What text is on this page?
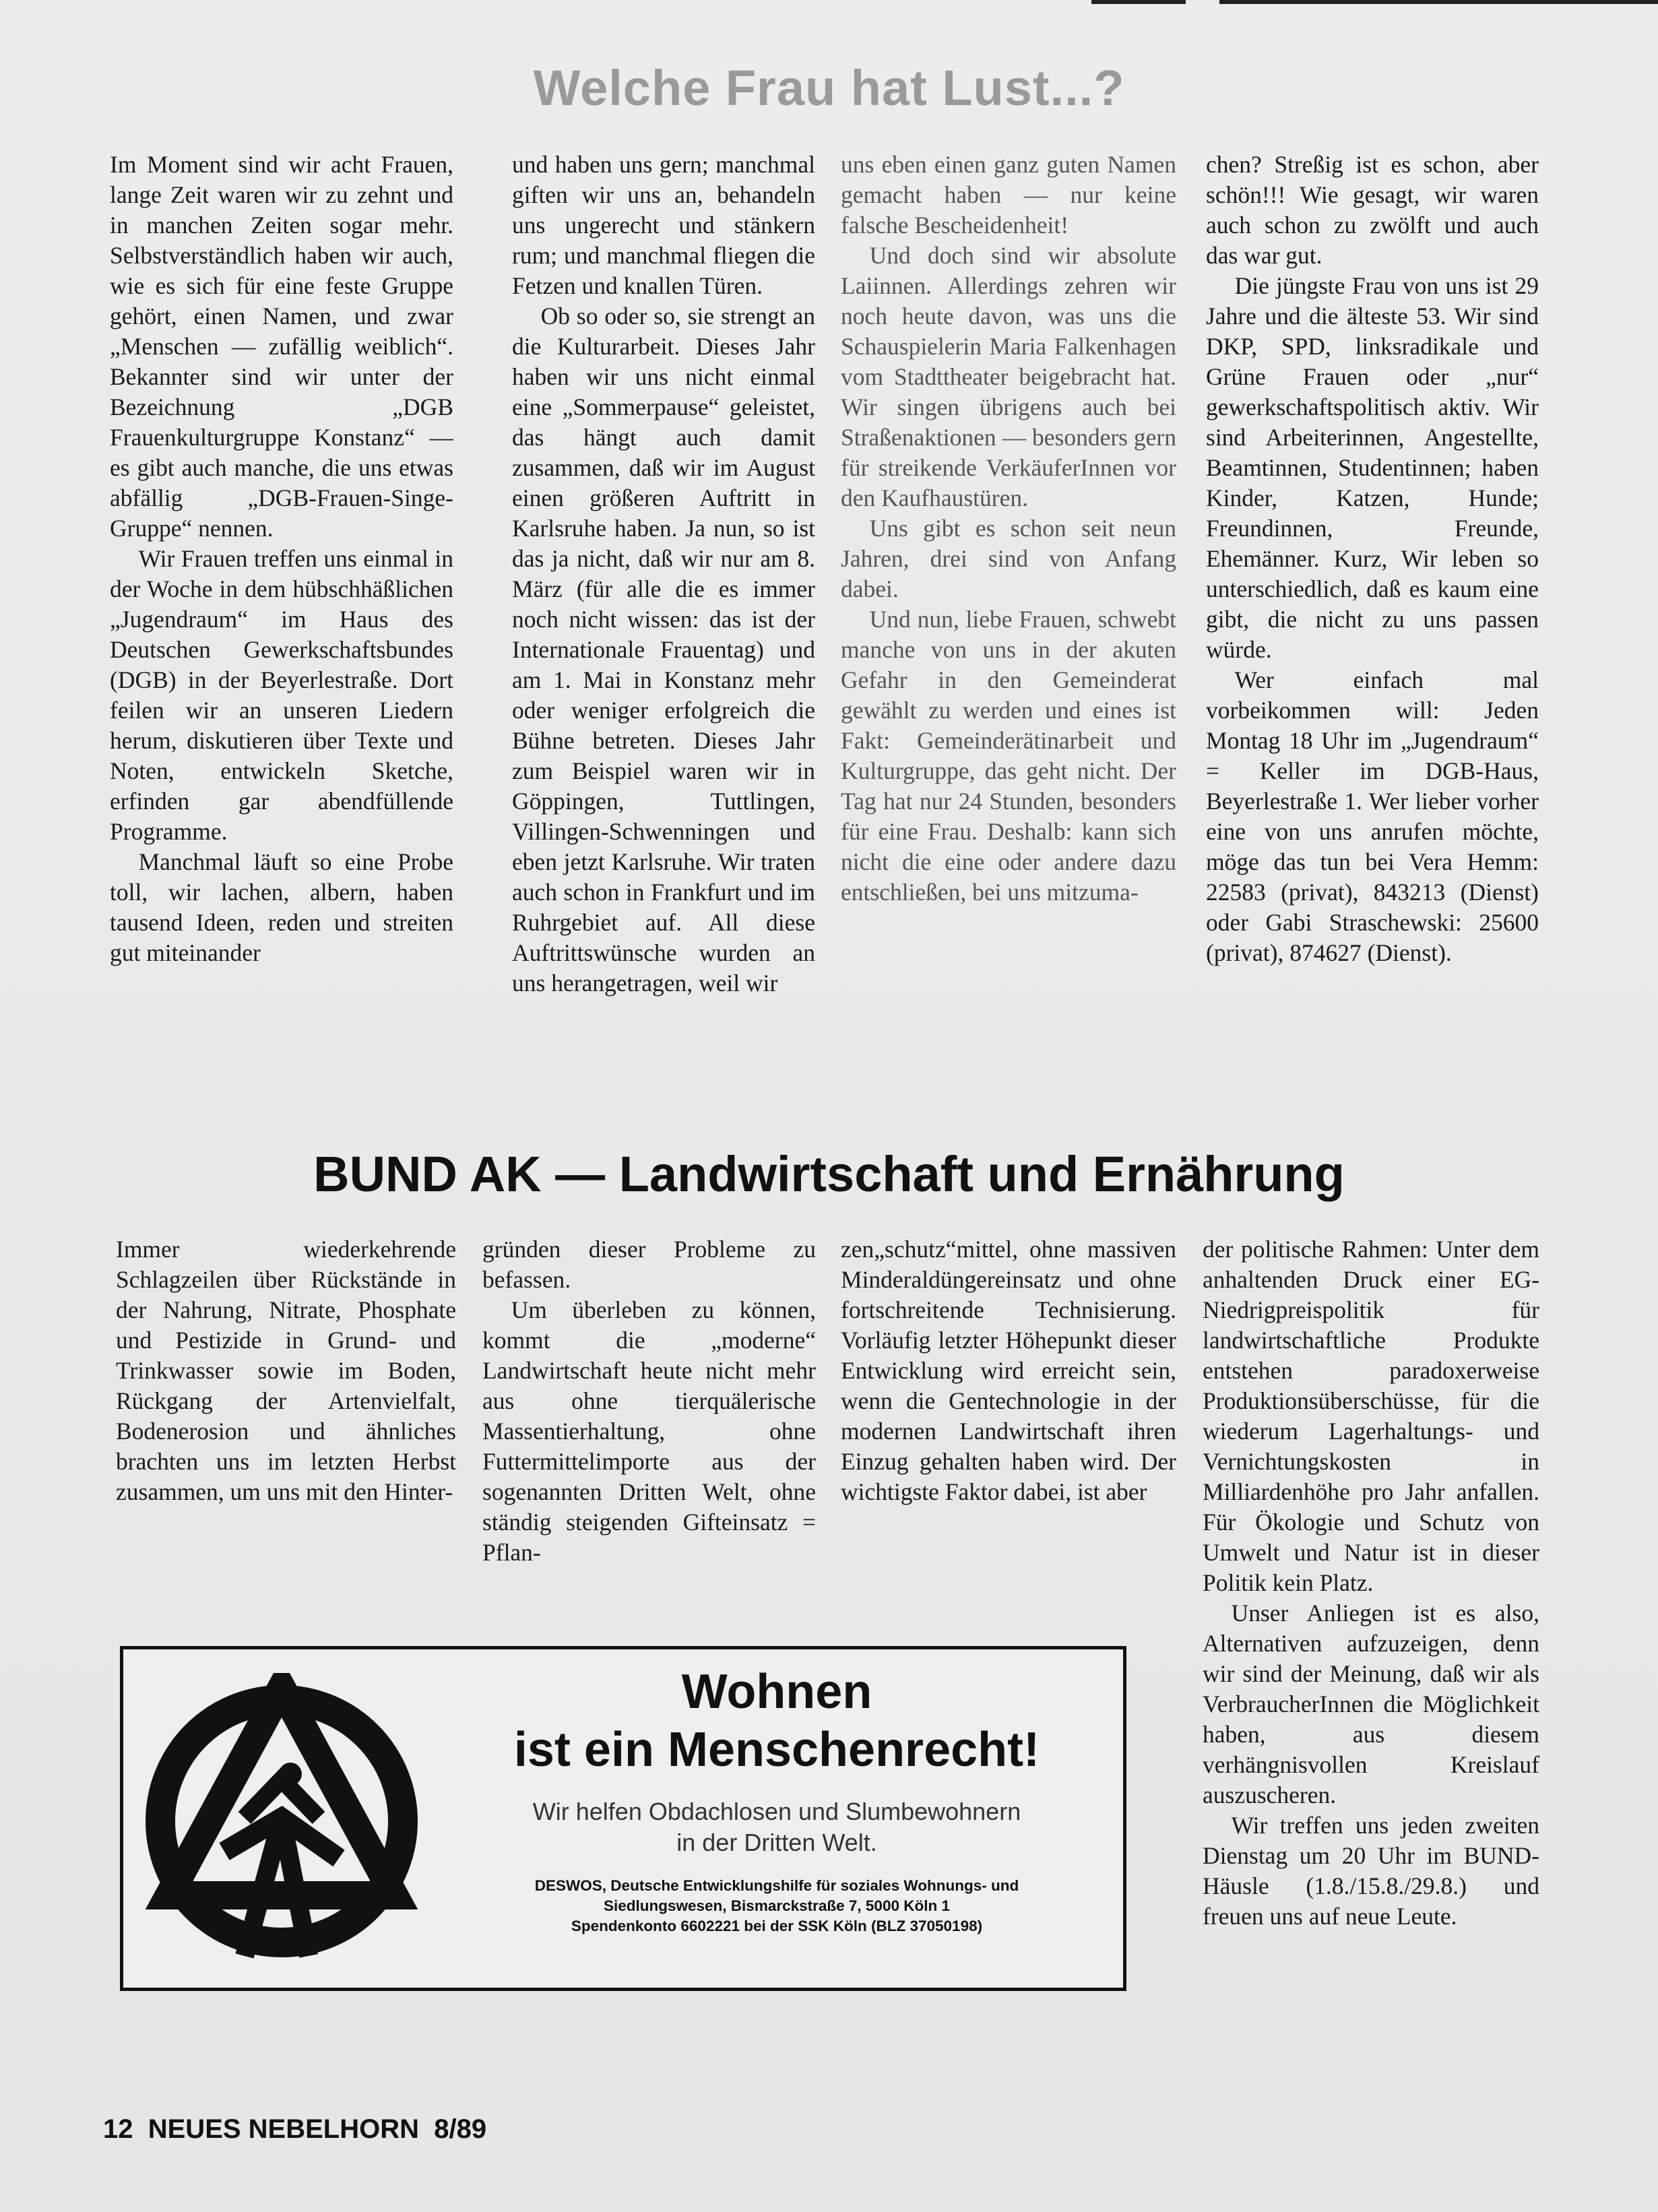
Welche Frau hat Lust...?

Im Moment sind wir acht Frauen, lange Zeit waren wir zu zehnt und in manchen Zeiten sogar mehr. Selbstverständlich haben wir auch, wie es sich für eine feste Gruppe gehört, einen Namen, und zwar „Menschen — zufällig weiblich“. Bekannter sind wir unter der Bezeichnung „DGB Frauenkulturgruppe Konstanz“ — es gibt auch manche, die uns etwas abfällig „DGB-Frauen-Singe-Gruppe“ nennen.

Wir Frauen treffen uns einmal in der Woche in dem hübschhäßlichen „Jugendraum“ im Haus des Deutschen Gewerkschaftsbundes (DGB) in der Beyerlestraße. Dort feilen wir an unseren Liedern herum, diskutieren über Texte und Noten, entwickeln Sketche, erfinden gar abendfüllende Programme.

Manchmal läuft so eine Probe toll, wir lachen, albern, haben tausend Ideen, reden und streiten gut miteinander

und haben uns gern; manchmal giften wir uns an, behandeln uns ungerecht und stänkern rum; und manchmal fliegen die Fetzen und knallen Türen.

Ob so oder so, sie strengt an die Kulturarbeit. Dieses Jahr haben wir uns nicht einmal eine „Sommerpause“ geleistet, das hängt auch damit zusammen, daß wir im August einen größeren Auftritt in Karlsruhe haben. Ja nun, so ist das ja nicht, daß wir nur am 8. März (für alle die es immer noch nicht wissen: das ist der Internationale Frauentag) und am 1. Mai in Konstanz mehr oder weniger erfolgreich die Bühne betreten. Dieses Jahr zum Beispiel waren wir in Göppingen, Tuttlingen, Villingen-Schwenningen und eben jetzt Karlsruhe. Wir traten auch schon in Frankfurt und im Ruhrgebiet auf. All diese Auftrittswünsche wurden an uns herangetragen, weil wir

uns eben einen ganz guten Namen gemacht haben — nur keine falsche Bescheidenheit!

Und doch sind wir absolute Laiinnen. Allerdings zehren wir noch heute davon, was uns die Schauspielerin Maria Falkenhagen vom Stadttheater beigebracht hat. Wir singen übrigens auch bei Straßenaktionen — besonders gern für streikende VerkäuferInnen vor den Kaufhaustüren.

Uns gibt es schon seit neun Jahren, drei sind von Anfang dabei.

Und nun, liebe Frauen, schwebt manche von uns in der akuten Gefahr in den Gemeinderat gewählt zu werden und eines ist Fakt: Gemeinderätinarbeit und Kulturgruppe, das geht nicht. Der Tag hat nur 24 Stunden, besonders für eine Frau. Deshalb: kann sich nicht die eine oder andere dazu entschließen, bei uns mitzuma-

chen? Streßig ist es schon, aber schön!!! Wie gesagt, wir waren auch schon zu zwölft und auch das war gut.

Die jüngste Frau von uns ist 29 Jahre und die älteste 53. Wir sind DKP, SPD, linksradikale und Grüne Frauen oder „nur“ gewerkschaftspolitisch aktiv. Wir sind Arbeiterinnen, Angestellte, Beamtinnen, Studentinnen; haben Kinder, Katzen, Hunde; Freundinnen, Freunde, Ehemänner. Kurz, Wir leben so unterschiedlich, daß es kaum eine gibt, die nicht zu uns passen würde.

Wer einfach mal vorbeikommen will: Jeden Montag 18 Uhr im „Jugendraum“ = Keller im DGB-Haus, Beyerlestraße 1. Wer lieber vorher eine von uns anrufen möchte, möge das tun bei Vera Hemm: 22583 (privat), 843213 (Dienst) oder Gabi Straschewski: 25600 (privat), 874627 (Dienst).

BUND AK — Landwirtschaft und Ernährung

Immer wiederkehrende Schlagzeilen über Rückstände in der Nahrung, Nitrate, Phosphate und Pestizide in Grund- und Trinkwasser sowie im Boden, Rückgang der Artenvielfalt, Bodenerosion und ähnliches brachten uns im letzten Herbst zusammen, um uns mit den Hinter-

gründen dieser Probleme zu befassen.

Um überleben zu können, kommt die „moderne“ Landwirtschaft heute nicht mehr aus ohne tierquälerische Massentierhaltung, ohne Futtermittelimporte aus der sogenannten Dritten Welt, ohne ständig steigenden Gifteinsatz = Pflan-

zen„schutz“mittel, ohne massiven Minderaldüngereinsatz und ohne fortschreitende Technisierung. Vorläufig letzter Höhepunkt dieser Entwicklung wird erreicht sein, wenn die Gentechnologie in der modernen Landwirtschaft ihren Einzug gehalten haben wird. Der wichtigste Faktor dabei, ist aber

der politische Rahmen: Unter dem anhaltenden Druck einer EG-Niedrigpreispolitik für landwirtschaftliche Produkte entstehen paradoxerweise Produktionsüberschüsse, für die wiederum Lagerhaltungs- und Vernichtungskosten in Milliardenhöhe pro Jahr anfallen. Für Ökologie und Schutz von Umwelt und Natur ist in dieser Politik kein Platz.

Unser Anliegen ist es also, Alternativen aufzuzeigen, denn wir sind der Meinung, daß wir als VerbraucherInnen die Möglichkeit haben, aus diesem verhängnisvollen Kreislauf auszuscheren.

Wir treffen uns jeden zweiten Dienstag um 20 Uhr im BUND-Häusle (1.8./15.8./29.8.) und freuen uns auf neue Leute.

Wohnen
ist ein Menschenrecht!
Wir helfen Obdachlosen und Slumbewohnern
in der Dritten Welt.
DESWOS, Deutsche Entwicklungshilfe für soziales Wohnungs- und
Siedlungswesen, Bismarckstraße 7, 5000 Köln 1
Spendenkonto 6602221 bei der SSK Köln (BLZ 37050198)

12 NEUES NEBELHORN 8/89
